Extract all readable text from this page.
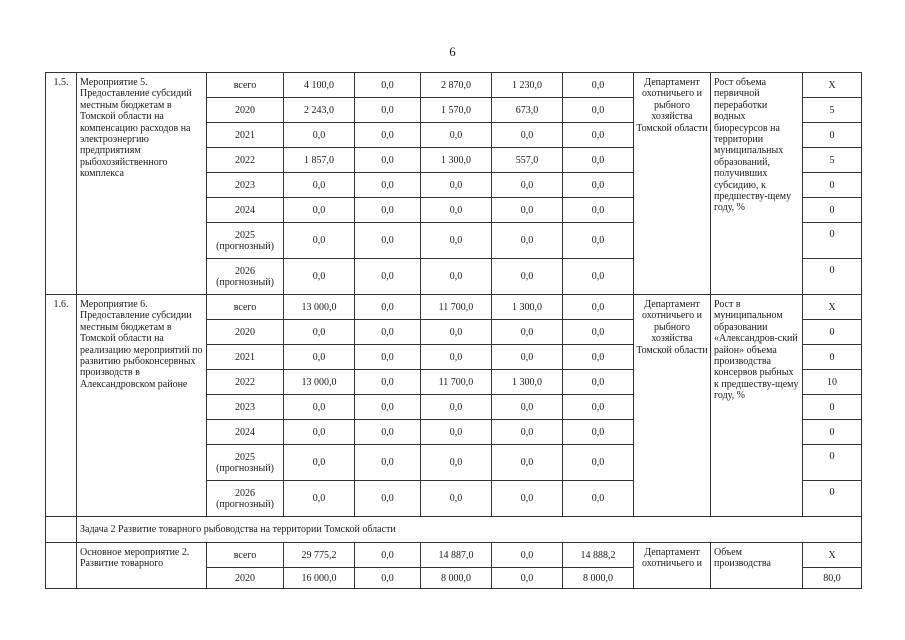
6
1.5.	Мероприятие 5. Предоставление субсидий местным бюджетам в Томской области на компенсацию расходов на электроэнергию предприятиям рыбохозяйственного комплекса	всего	4 100,0	0,0	2 870,0	1 230,0	0,0	Департамент охотничьего и рыбного хозяйства Томской области	Рост объема первичной переработки водных биоресурсов на территории муниципальных образований, получивших субсидию, к предшеству-щему году, %	X
		2020	2 243,0	0,0	1 570,0	673,0	0,0			5
		2021	0,0	0,0	0,0	0,0	0,0			0
		2022	1 857,0	0,0	1 300,0	557,0	0,0			5
		2023	0,0	0,0	0,0	0,0	0,0			0
		2024	0,0	0,0	0,0	0,0	0,0			0
		2025 (прогнозный)	0,0	0,0	0,0	0,0	0,0			0
		2026 (прогнозный)	0,0	0,0	0,0	0,0	0,0			0
1.6.	Мероприятие 6. Предоставление субсидии местным бюджетам в Томской области на реализацию мероприятий по развитию рыбоконсервных производств в Александровском районе	всего	13 000,0	0,0	11 700,0	1 300,0	0,0	Департамент охотничьего и рыбного хозяйства Томской области	Рост в муниципальном образовании «Александров-ский район» объема производства консервов рыбных к предшеству-щему году, %	X
		2020	0,0	0,0	0,0	0,0	0,0			0
		2021	0,0	0,0	0,0	0,0	0,0			0
		2022	13 000,0	0,0	11 700,0	1 300,0	0,0			10
		2023	0,0	0,0	0,0	0,0	0,0			0
		2024	0,0	0,0	0,0	0,0	0,0			0
		2025 (прогнозный)	0,0	0,0	0,0	0,0	0,0			0
		2026 (прогнозный)	0,0	0,0	0,0	0,0	0,0			0
	Задача 2 Развитие товарного рыбоводства на территории Томской области									
	Основное мероприятие 2. Развитие товарного	всего	29 775,2	0,0	14 887,0	0,0	14 888,2	Департамент охотничьего и	Объем производства	X
		2020	16 000,0	0,0	8 000,0	0,0	8 000,0			80,0
